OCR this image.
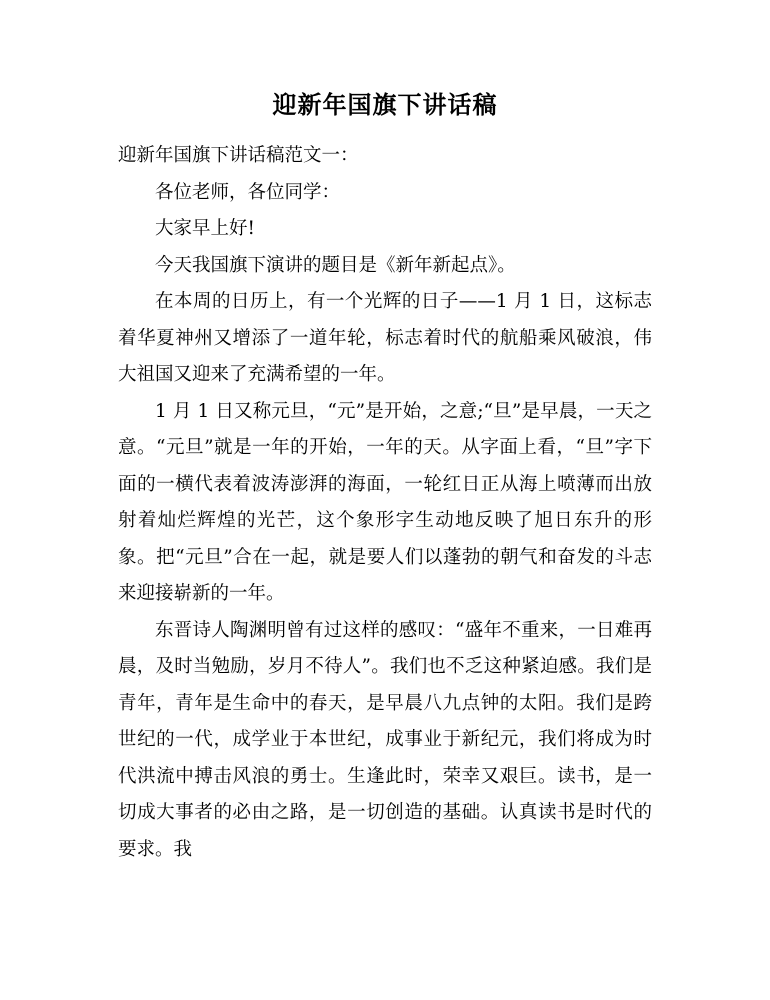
迎新年国旗下讲话稿

迎新年国旗下讲话稿范文一：

各位老师，各位同学：

大家早上好!

今天我国旗下演讲的题目是《新年新起点》。

在本周的日历上，有一个光辉的日子——1 月 1 日，这标志着华夏神州又增添了一道年轮，标志着时代的航船乘风破浪，伟大祖国又迎来了充满希望的一年。

1 月 1 日又称元旦，“元”是开始，之意;“旦”是早晨，一天之意。“元旦”就是一年的开始，一年的天。从字面上看，“旦”字下面的一横代表着波涛澎湃的海面，一轮红日正从海上喷薄而出放射着灿烂辉煌的光芒，这个象形字生动地反映了旭日东升的形象。把“元旦”合在一起，就是要人们以蓬勃的朝气和奋发的斗志来迎接崭新的一年。

东晋诗人陶渊明曾有过这样的感叹：“盛年不重来，一日难再晨，及时当勉励，岁月不待人”。我们也不乏这种紧迫感。我们是青年，青年是生命中的春天，是早晨八九点钟的太阳。我们是跨世纪的一代，成学业于本世纪，成事业于新纪元，我们将成为时代洪流中搏击风浪的勇士。生逢此时，荣幸又艰巨。读书，是一切成大事者的必由之路，是一切创造的基础。认真读书是时代的要求。我
